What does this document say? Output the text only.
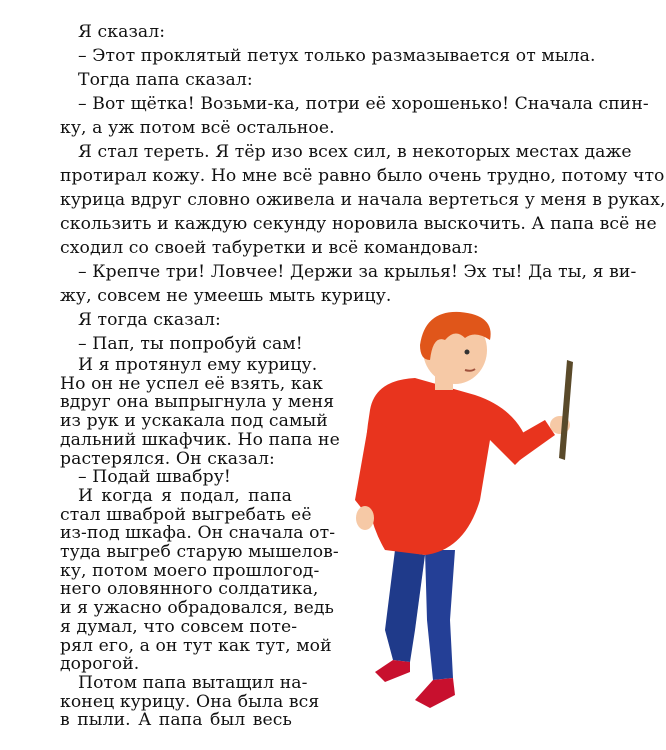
Я сказал:
– Этот проклятый петух только размазывается от мыла.
Тогда папа сказал:
– Вот щётка! Возьми-ка, потри её хорошенько! Сначала спин-
ку, а уж потом всё остальное.
Я стал тереть. Я тёр изо всех сил, в некоторых местах даже
протирал кожу. Но мне всё равно было очень трудно, потому что
курица вдруг словно оживела и начала вертеться у меня в руках,
скользить и каждую секунду норовила выскочить. А папа всё не
сходил со своей табуретки и всё командовал:
– Крепче три! Ловчее! Держи за крылья! Эх ты! Да ты, я ви-
жу, совсем не умеешь мыть курицу.
Я тогда сказал:
– Пап, ты попробуй сам!
И я протянул ему курицу.
Но он не успел её взять, как
вдруг она выпрыгнула у меня
из рук и ускакала под самый
дальний шкафчик. Но папа не
растерялся. Он сказал:
– Подай швабру!
И когда я подал, папа
стал шваброй выгребать её
из-под шкафа. Он сначала от-
туда выгреб старую мышелов-
ку, потом моего прошлогод-
него оловянного солдатика,
и я ужасно обрадовался, ведь
я думал, что совсем поте-
рял его, а он тут как тут, мой
дорогой.
Потом папа вытащил на-
конец курицу. Она была вся
в пыли. А папа был весь
